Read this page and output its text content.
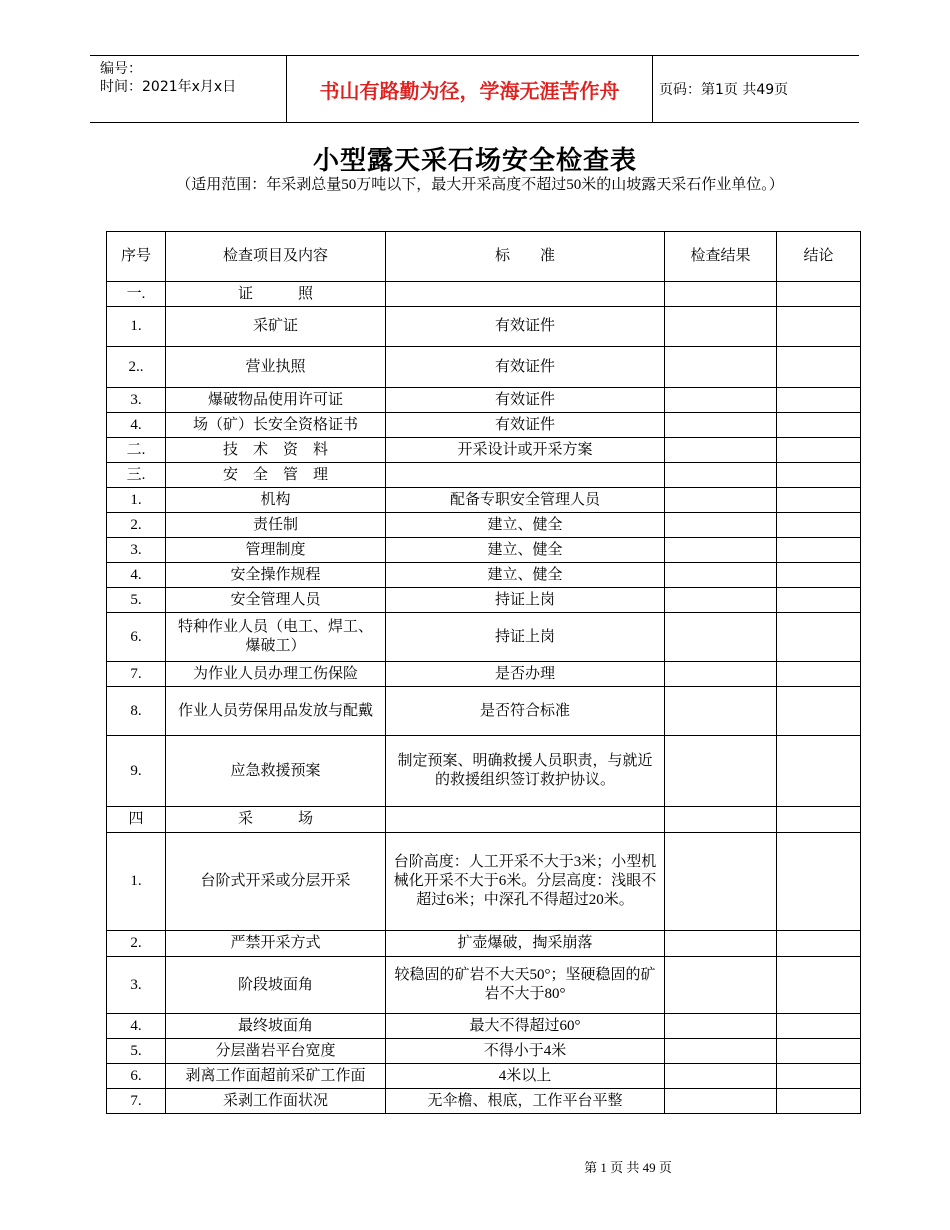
编号：
时间：2021年x月x日	书山有路勤为径，学海无涯苦作舟	页码：第1页 共49页
小型露天采石场安全检查表
（适用范围：年采剥总量50万吨以下，最大开采高度不超过50米的山坡露天采石作业单位。）
序号	检查项目及内容	标　　准	检查结果	结论
一.	证　　　照			
1.	采矿证	有效证件		
2..	营业执照	有效证件		
3.	爆破物品使用许可证	有效证件		
4.	场（矿）长安全资格证书	有效证件		
二.	技　术　资　料	开采设计或开采方案		
三.	安　全　管　理			
1.	机构	配备专职安全管理人员		
2.	责任制	建立、健全		
3.	管理制度	建立、健全		
4.	安全操作规程	建立、健全		
5.	安全管理人员	持证上岗		
6.	特种作业人员（电工、焊工、爆破工）	持证上岗		
7.	为作业人员办理工伤保险	是否办理		
8.	作业人员劳保用品发放与配戴	是否符合标准		
9.	应急救援预案	制定预案、明确救援人员职责，与就近的救援组织签订救护协议。		
四	采　　　场			
1.	台阶式开采或分层开采	台阶高度：人工开采不大于3米；小型机械化开采不大于6米。分层高度：浅眼不超过6米；中深孔不得超过20米。		
2.	严禁开采方式	扩壶爆破，掏采崩落		
3.	阶段坡面角	较稳固的矿岩不大天50°；坚硬稳固的矿岩不大于80°		
4.	最终坡面角	最大不得超过60°		
5.	分层凿岩平台宽度	不得小于4米		
6.	剥离工作面超前采矿工作面	4米以上		
7.	采剥工作面状况	无伞檐、根底，工作平台平整		
第 1 页 共 49 页
